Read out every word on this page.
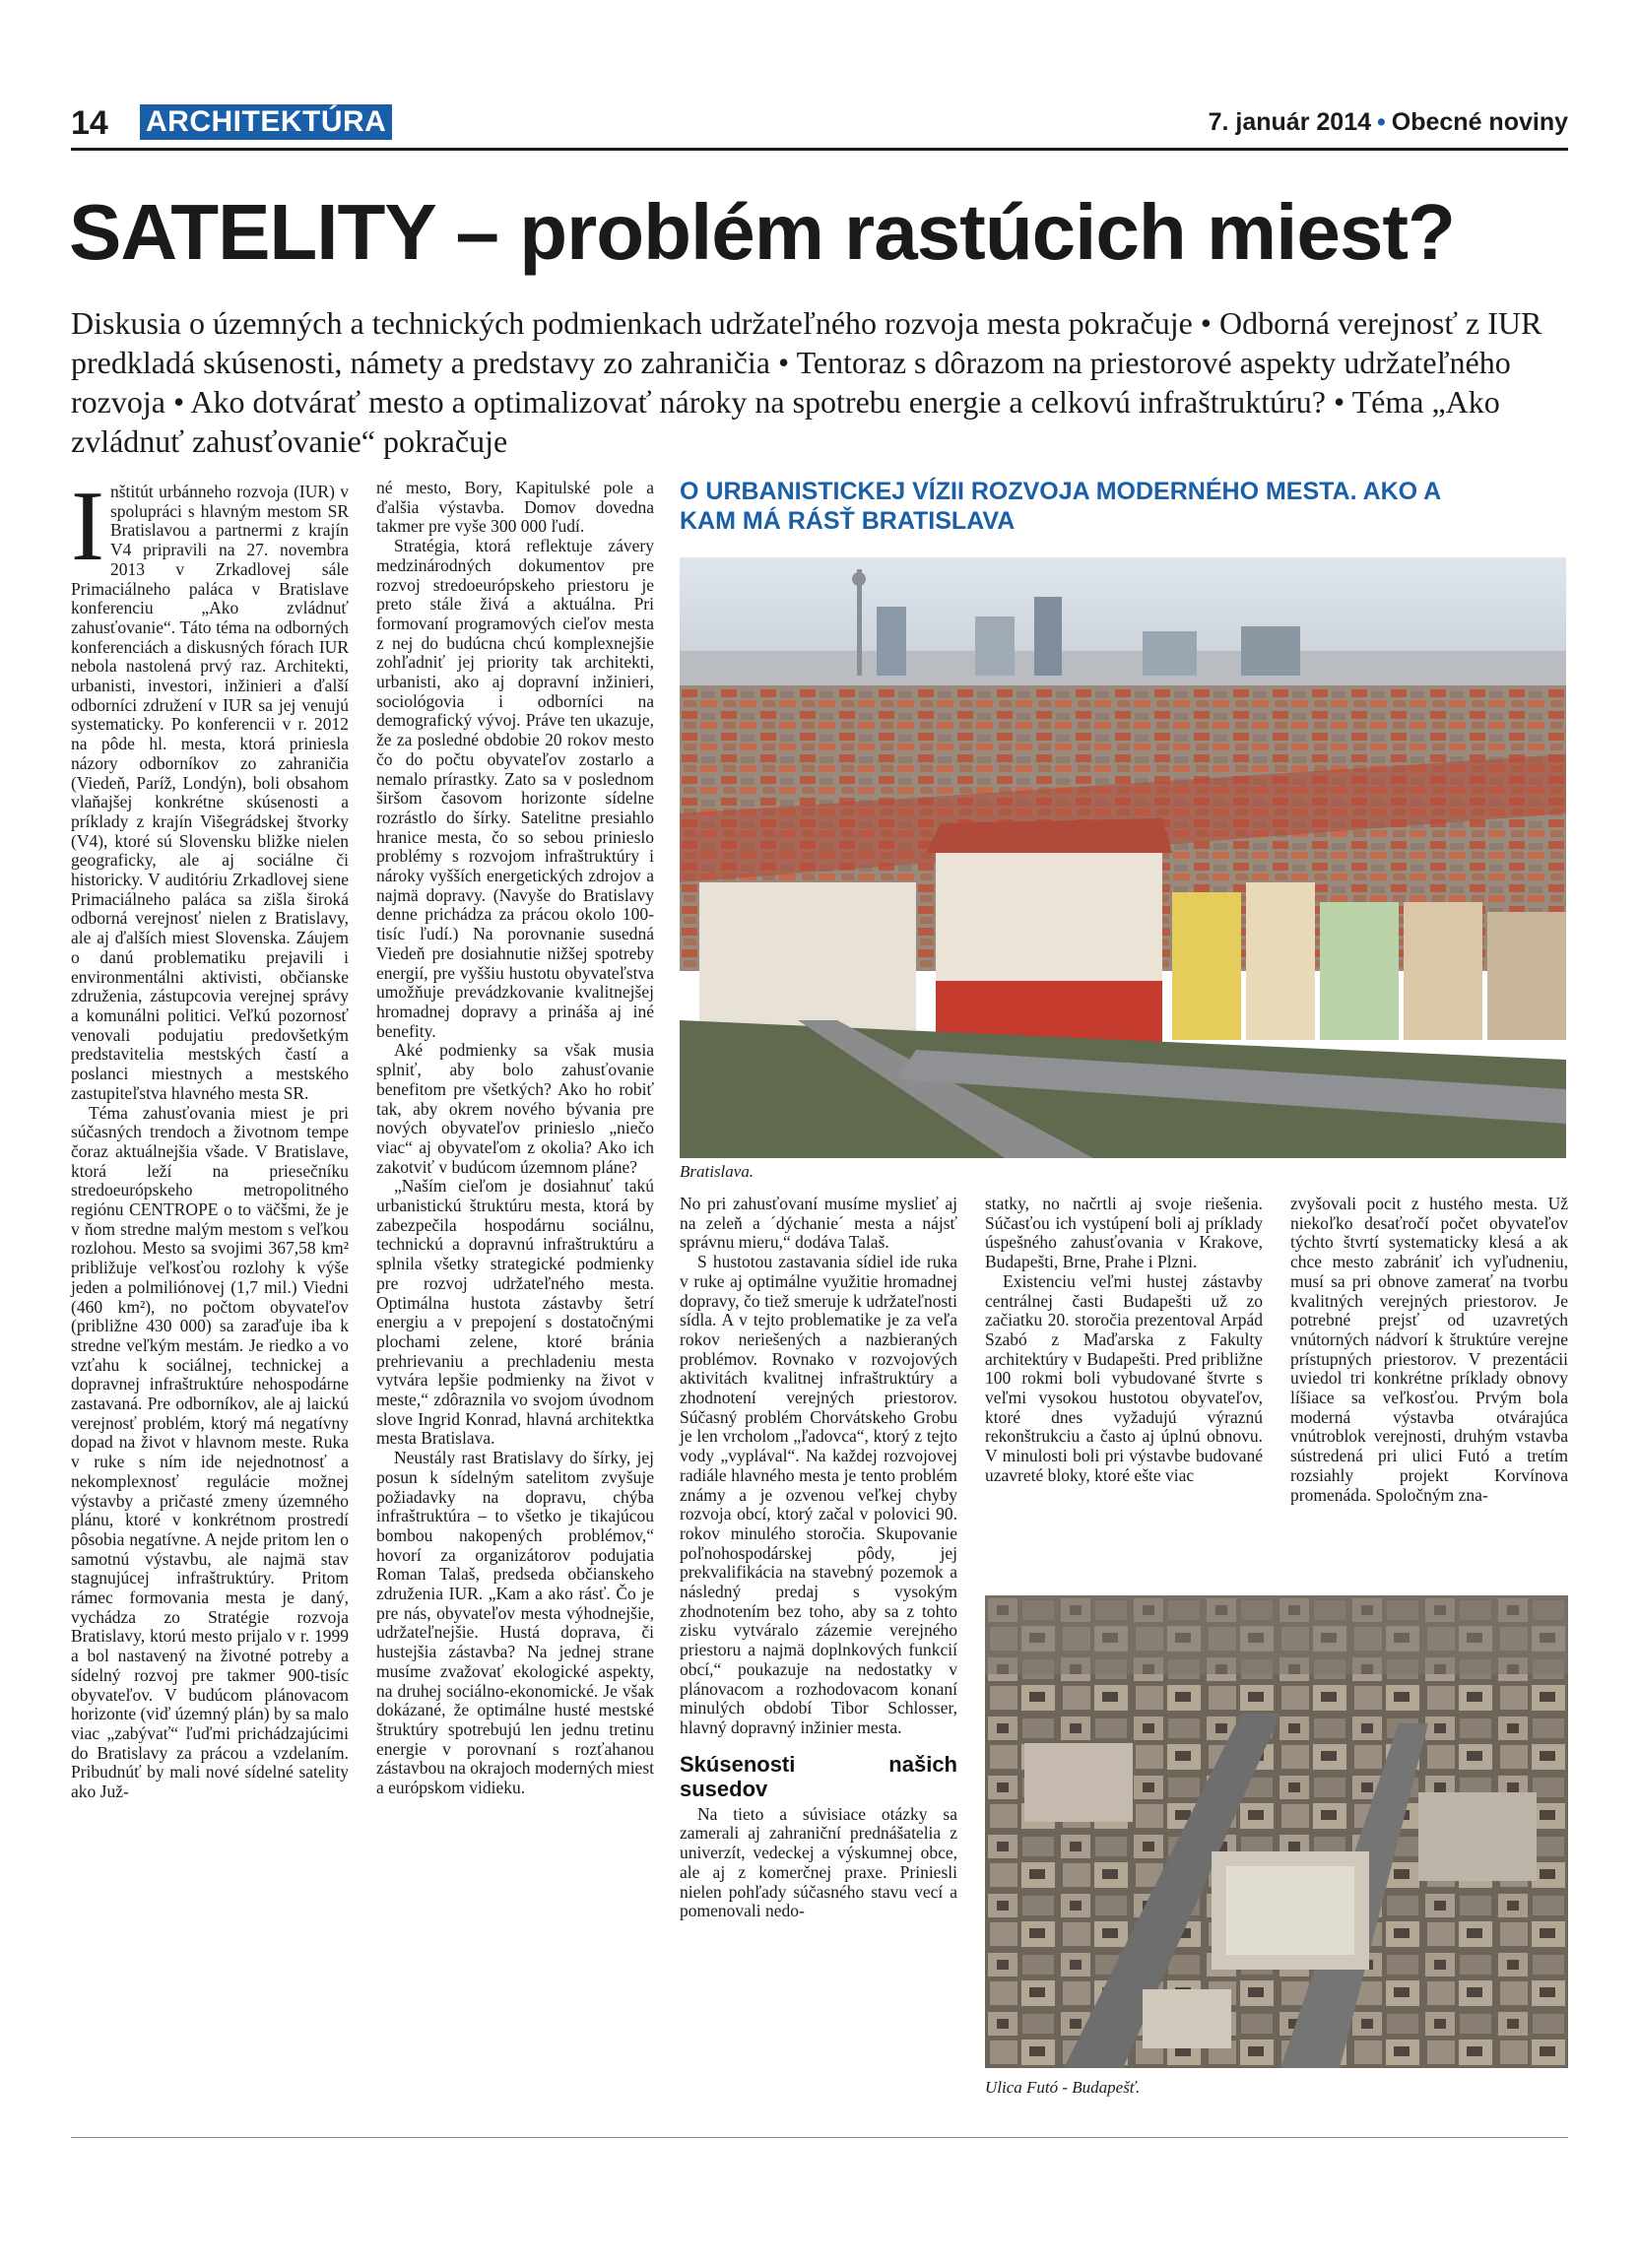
14 ARCHITEKTÚRA	7. január 2014 • Obecné noviny
SATELITY – problém rastúcich miest?
Diskusia o územných a technických podmienkach udržateľného rozvoja mesta pokračuje • Odborná verejnosť z IUR predkladá skúsenosti, námety a predstavy zo zahraničia • Tentoraz s dôrazom na priestorové aspekty udržateľného rozvoja • Ako dotvárať mesto a optimalizovať nároky na spotrebu energie a celkovú infraštruktúru? • Téma „Ako zvládnuť zahusťovanie“ pokračuje

Inštitút urbánneho rozvoja (IUR) v spolupráci s hlavným mestom SR Bratislavou a partnermi z krajín V4 pripravili na 27. novembra 2013 v Zrkadlovej sále Primaciálneho paláca v Bratislave konferenciu „Ako zvládnuť zahusťovanie“. Táto téma na odborných konferenciách a diskusných fórach IUR nebola nastolená prvý raz. Architekti, urbanisti, investori, inžinieri a ďalší odborníci združení v IUR sa jej venujú systematicky. Po konferencii v r. 2012 na pôde hl. mesta, ktorá priniesla názory odborníkov zo zahraničia (Viedeň, Paríž, Londýn), boli obsahom vlaňajšej konkrétne skúsenosti a príklady z krajín Višegrádskej štvorky (V4), ktoré sú Slovensku bližke nielen geograficky, ale aj sociálne či historicky. V auditóriu Zrkadlovej siene Primaciálneho paláca sa zišla široká odborná verejnosť nielen z Bratislavy, ale aj ďalších miest Slovenska. Záujem o danú problematiku prejavili i environmentálni aktivisti, občianske združenia, zástupcovia verejnej správy a komunálni politici. Veľkú pozornosť venovali podujatiu predovšetkým predstavitelia mestských častí a poslanci miestnych a mestského zastupiteľstva hlavného mesta SR.

Téma zahusťovania miest je pri súčasných trendoch a životnom tempe čoraz aktuálnejšia všade. V Bratislave, ktorá leží na priesečníku stredoeurópskeho metropolitného regiónu CENTROPE o to väčšmi, že je v ňom stredne malým mestom s veľkou rozlohou. Mesto sa svojimi 367,58 km² približuje veľkosťou rozlohy k výše jeden a polmiliónovej (1,7 mil.) Viedni (460 km²), no počtom obyvateľov (približne 430 000) sa zaraďuje iba k stredne veľkým mestám. Je riedko a vo vzťahu k sociálnej, technickej a dopravnej infraštruktúre nehospodárne zastavaná. Pre odborníkov, ale aj laickú verejnosť problém, ktorý má negatívny dopad na život v hlavnom meste. Ruka v ruke s ním ide nejednotnosť a nekomplexnosť regulácie možnej výstavby a pričasté zmeny územného plánu, ktoré v konkrétnom prostredí pôsobia negatívne. A nejde pritom len o samotnú výstavbu, ale najmä stav stagnujúcej infraštruktúry. Pritom rámec formovania mesta je daný, vychádza zo Stratégie rozvoja Bratislavy, ktorú mesto prijalo v r. 1999 a bol nastavený na životné potreby a sídelný rozvoj pre takmer 900-tisíc obyvateľov. V budúcom plánovacom horizonte (viď územný plán) by sa malo viac „zabývať“ ľuďmi prichádzajúcimi do Bratislavy za prácou a vzdelaním. Pribudnúť by mali nové sídelné satelity ako Juž-

né mesto, Bory, Kapitulské pole a ďalšia výstavba. Domov dovedna takmer pre vyše 300 000 ľudí.

Stratégia, ktorá reflektuje závery medzinárodných dokumentov pre rozvoj stredoeurópskeho priestoru je preto stále živá a aktuálna. Pri formovaní programových cieľov mesta z nej do budúcna chcú komplexnejšie zohľadniť jej priority tak architekti, urbanisti, ako aj dopravní inžinieri, sociológovia i odborníci na demografický vývoj. Práve ten ukazuje, že za posledné obdobie 20 rokov mesto čo do počtu obyvateľov zostarlo a nemalo prírastky. Zato sa v poslednom širšom časovom horizonte sídelne rozrástlo do šírky. Satelitne presiahlo hranice mesta, čo so sebou prinieslo problémy s rozvojom infraštruktúry i nároky vyšších energetických zdrojov a najmä dopravy. (Navyše do Bratislavy denne prichádza za prácou okolo 100-tisíc ľudí.) Na porovnanie susedná Viedeň pre dosiahnutie nižšej spotreby energií, pre vyššiu hustotu obyvateľstva umožňuje prevádzkovanie kvalitnejšej hromadnej dopravy a prináša aj iné benefity.

Aké podmienky sa však musia splniť, aby bolo zahusťovanie benefitom pre všetkých? Ako ho robiť tak, aby okrem nového bývania pre nových obyvateľov prinieslo „niečo viac“ aj obyvateľom z okolia? Ako ich zakotviť v budúcom územnom pláne?

„Naším cieľom je dosiahnuť takú urbanistickú štruktúru mesta, ktorá by zabezpečila hospodárnu sociálnu, technickú a dopravnú infraštruktúru a splnila všetky strategické podmienky pre rozvoj udržateľného mesta. Optimálna hustota zástavby šetrí energiu a v prepojení s dostatočnými plochami zelene, ktoré bránia prehrievaniu a prechladeniu mesta vytvára lepšie podmienky na život v meste,“ zdôraznila vo svojom úvodnom slove Ingrid Konrad, hlavná architektka mesta Bratislava.

Neustály rast Bratislavy do šírky, jej posun k sídelným satelitom zvyšuje požiadavky na dopravu, chýba infraštruktúra – to všetko je tikajúcou bombou nakopených problémov,“ hovorí za organizátorov podujatia Roman Talaš, predseda občianskeho združenia IUR. „Kam a ako rásť. Čo je pre nás, obyvateľov mesta výhodnejšie, udržateľnejšie. Hustá doprava, či hustejšia zástavba? Na jednej strane musíme zvažovať ekologické aspekty, na druhej sociálno-ekonomické. Je však dokázané, že optimálne husté mestské štruktúry spotrebujú len jednu tretinu energie v porovnaní s rozťahanou zástavbou na okrajoch moderných miest a európskom vidieku.

O URBANISTICKEJ VÍZII ROZVOJA MODERNÉHO MESTA. AKO A KAM MÁ RÁSŤ BRATISLAVA
Bratislava.

No pri zahusťovaní musíme myslieť aj na zeleň a ´dýchanie´ mesta a nájsť správnu mieru,“ dodáva Talaš.

S hustotou zastavania sídiel ide ruka v ruke aj optimálne využitie hromadnej dopravy, čo tiež smeruje k udržateľnosti sídla. A v tejto problematike je za veľa rokov neriešených a nazbieraných problémov. Rovnako v rozvojových aktivitách kvalitnej infraštruktúry a zhodnotení verejných priestorov. Súčasný problém Chorvátskeho Grobu je len vrcholom „ľadovca“, ktorý z tejto vody „vyplával“. Na každej rozvojovej radiále hlavného mesta je tento problém známy a je ozvenou veľkej chyby rozvoja obcí, ktorý začal v polovici 90. rokov minulého storočia. Skupovanie poľnohospodárskej pôdy, jej prekvalifikácia na stavebný pozemok a následný predaj s vysokým zhodnotením bez toho, aby sa z tohto zisku vytváralo zázemie verejného priestoru a najmä doplnkových funkcií obcí,“ poukazuje na nedostatky v plánovacom a rozhodovacom konaní minulých období Tibor Schlosser, hlavný dopravný inžinier mesta.

Skúsenosti našich susedov

Na tieto a súvisiace otázky sa zamerali aj zahraniční prednášatelia z univerzít, vedeckej a výskumnej obce, ale aj z komerčnej praxe. Priniesli nielen pohľady súčasného stavu vecí a pomenovali nedo-

statky, no načrtli aj svoje riešenia. Súčasťou ich vystúpení boli aj príklady úspešného zahusťovania v Krakove, Budapešti, Brne, Prahe i Plzni.

Existenciu veľmi hustej zástavby centrálnej časti Budapešti už zo začiatku 20. storočia prezentoval Arpád Szabó z Maďarska z Fakulty architektúry v Budapešti. Pred približne 100 rokmi boli vybudované štvrte s veľmi vysokou hustotou obyvateľov, ktoré dnes vyžadujú výraznú rekonštrukciu a často aj úplnú obnovu. V minulosti boli pri výstavbe budované uzavreté bloky, ktoré ešte viac

zvyšovali pocit z hustého mesta. Už niekoľko desaťročí počet obyvateľov týchto štvrtí systematicky klesá a ak chce mesto zabrániť ich vyľudneniu, musí sa pri obnove zamerať na tvorbu kvalitných verejných priestorov. Je potrebné prejsť od uzavretých vnútorných nádvorí k štruktúre verejne prístupných priestorov. V prezentácii uviedol tri konkrétne príklady obnovy líšiace sa veľkosťou. Prvým bola moderná výstavba otvárajúca vnútroblok verejnosti, druhým vstavba sústredená pri ulici Futó a tretím rozsiahly projekt Korvínova promenáda. Spoločným zna-

Ulica Futó - Budapešť.
